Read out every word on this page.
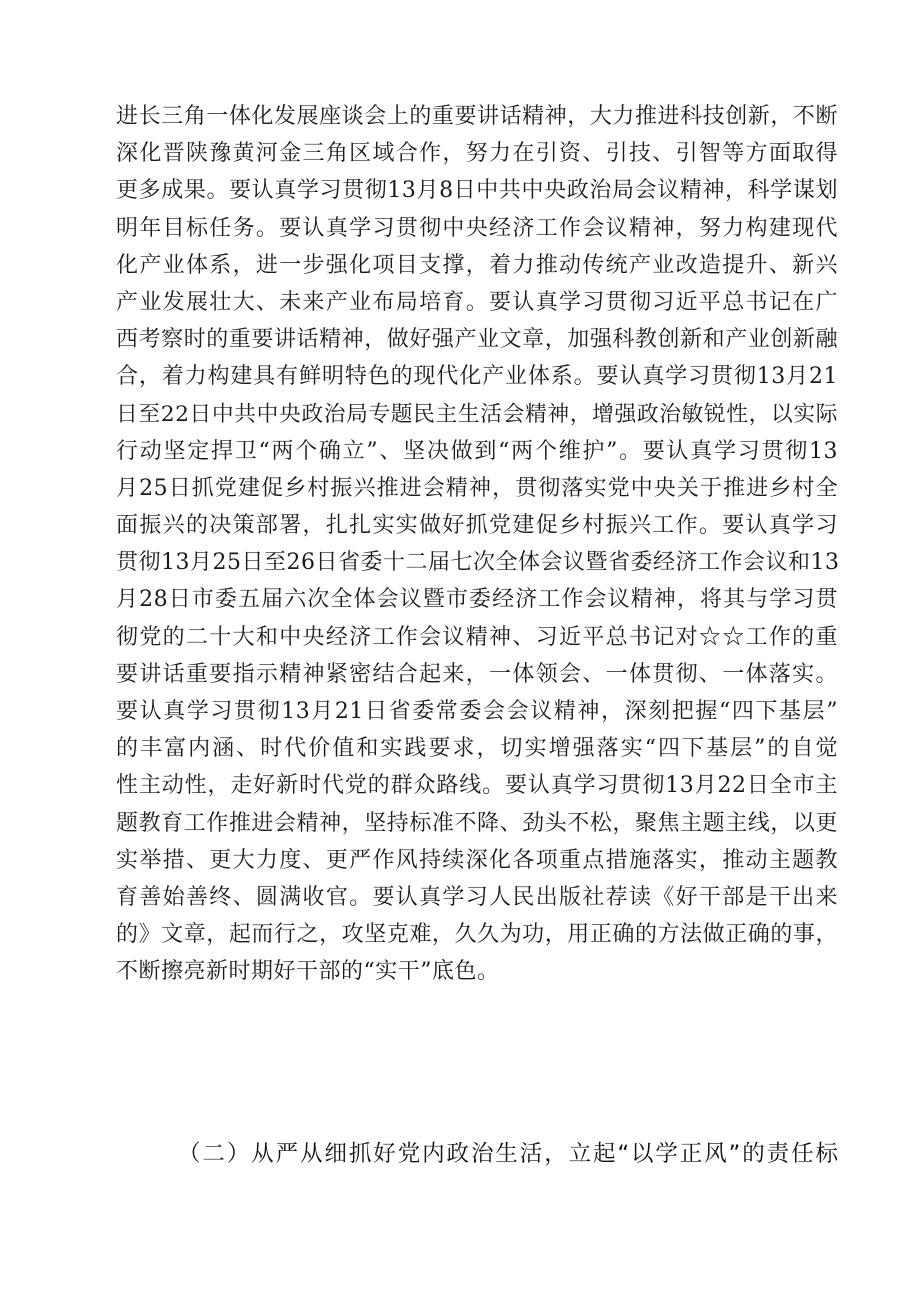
进长三角一体化发展座谈会上的重要讲话精神，大力推进科技创新，不断
深化晋陕豫黄河金三角区域合作，努力在引资、引技、引智等方面取得
更多成果。要认真学习贯彻13月8日中共中央政治局会议精神，科学谋划
明年目标任务。要认真学习贯彻中央经济工作会议精神，努力构建现代
化产业体系，进一步强化项目支撑，着力推动传统产业改造提升、新兴
产业发展壮大、未来产业布局培育。要认真学习贯彻习近平总书记在广
西考察时的重要讲话精神，做好强产业文章，加强科教创新和产业创新融
合，着力构建具有鲜明特色的现代化产业体系。要认真学习贯彻13月21
日至22日中共中央政治局专题民主生活会精神，增强政治敏锐性，以实际
行动坚定捍卫“两个确立”、坚决做到“两个维护”。要认真学习贯彻13
月25日抓党建促乡村振兴推进会精神，贯彻落实党中央关于推进乡村全
面振兴的决策部署，扎扎实实做好抓党建促乡村振兴工作。要认真学习
贯彻13月25日至26日省委十二届七次全体会议暨省委经济工作会议和13
月28日市委五届六次全体会议暨市委经济工作会议精神，将其与学习贯
彻党的二十大和中央经济工作会议精神、习近平总书记对☆☆工作的重
要讲话重要指示精神紧密结合起来，一体领会、一体贯彻、一体落实。
要认真学习贯彻13月21日省委常委会会议精神，深刻把握“四下基层”
的丰富内涵、时代价值和实践要求，切实增强落实“四下基层”的自觉
性主动性，走好新时代党的群众路线。要认真学习贯彻13月22日全市主
题教育工作推进会精神，坚持标准不降、劲头不松，聚焦主题主线，以更
实举措、更大力度、更严作风持续深化各项重点措施落实，推动主题教
育善始善终、圆满收官。要认真学习人民出版社荐读《好干部是干出来
的》文章，起而行之，攻坚克难，久久为功，用正确的方法做正确的事，
不断擦亮新时期好干部的“实干”底色。
（二）从严从细抓好党内政治生活，立起“以学正风”的责任标
